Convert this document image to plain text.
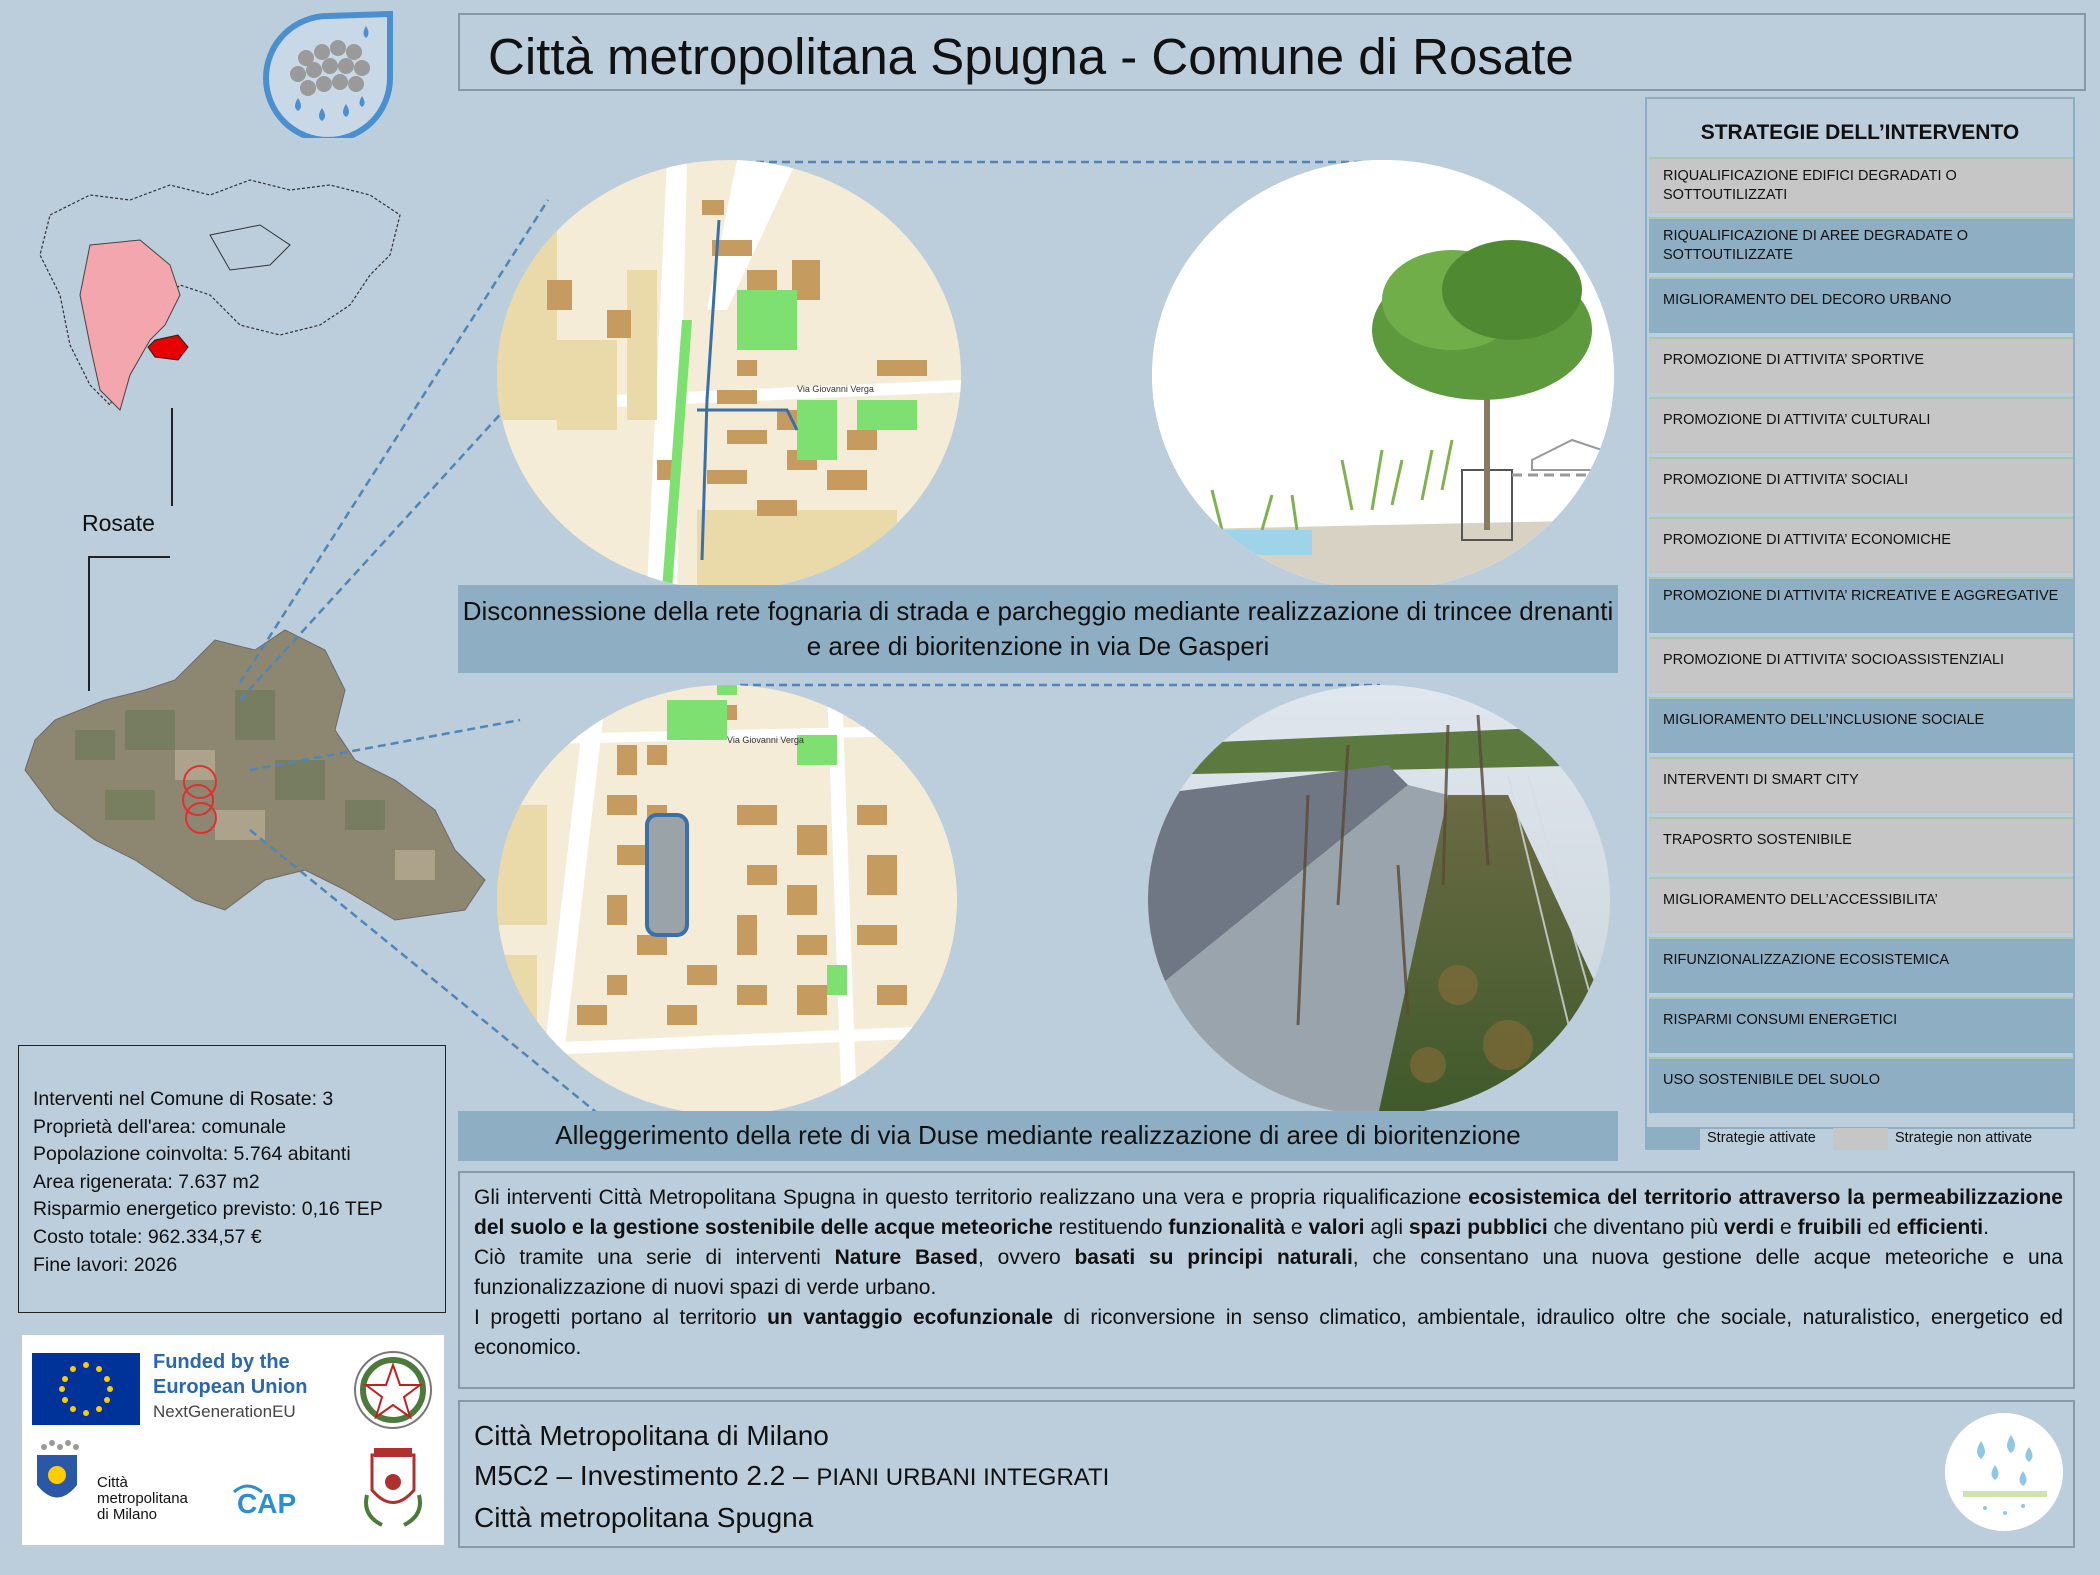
Città metropolitana Spugna - Comune di Rosate
Rosate
Via Giovanni Verga
Disconnessione della rete fognaria di strada e parcheggio mediante realizzazione di trincee drenanti e aree di bioritenzione in via De Gasperi
Via Giovanni Verga
Alleggerimento della rete di via Duse mediante realizzazione di aree di bioritenzione
Interventi nel Comune di Rosate: 3
Proprietà dell'area: comunale
Popolazione coinvolta: 5.764 abitanti
Area rigenerata: 7.637 m2
Risparmio energetico previsto: 0,16 TEP
Costo totale: 962.334,57 €
Fine lavori: 2026
Funded by the
European Union
NextGenerationEU
Città
metropolitana
di Milano	CAP
STRATEGIE DELL’INTERVENTO
RIQUALIFICAZIONE EDIFICI DEGRADATI O SOTTOUTILIZZATI
RIQUALIFICAZIONE DI AREE DEGRADATE O SOTTOUTILIZZATE
MIGLIORAMENTO DEL DECORO URBANO
PROMOZIONE DI ATTIVITA’ SPORTIVE
PROMOZIONE DI ATTIVITA’ CULTURALI
PROMOZIONE DI ATTIVITA’ SOCIALI
PROMOZIONE DI ATTIVITA’ ECONOMICHE
PROMOZIONE DI ATTIVITA’ RICREATIVE E AGGREGATIVE
PROMOZIONE DI ATTIVITA’ SOCIOASSISTENZIALI
MIGLIORAMENTO DELL’INCLUSIONE SOCIALE
INTERVENTI DI SMART CITY
TRAPOSRTO SOSTENIBILE
MIGLIORAMENTO DELL’ACCESSIBILITA’
RIFUNZIONALIZZAZIONE ECOSISTEMICA
RISPARMI CONSUMI ENERGETICI
USO SOSTENIBILE DEL SUOLO
Strategie attivate	Strategie non attivate

Gli interventi Città Metropolitana Spugna in questo territorio realizzano una vera e propria riqualificazione ecosistemica del territorio attraverso la permeabilizzazione del suolo e la gestione sostenibile delle acque meteoriche restituendo funzionalità e valori agli spazi pubblici che diventano più verdi e fruibili ed efficienti.

Ciò tramite una serie di interventi Nature Based, ovvero basati su principi naturali, che consentano una nuova gestione delle acque meteoriche e una funzionalizzazione di nuovi spazi di verde urbano.

I progetti portano al territorio un vantaggio ecofunzionale di riconversione in senso climatico, ambientale, idraulico oltre che sociale, naturalistico, energetico ed economico.

Città Metropolitana di Milano
M5C2 – Investimento 2.2 – PIANI URBANI INTEGRATI
Città metropolitana Spugna
